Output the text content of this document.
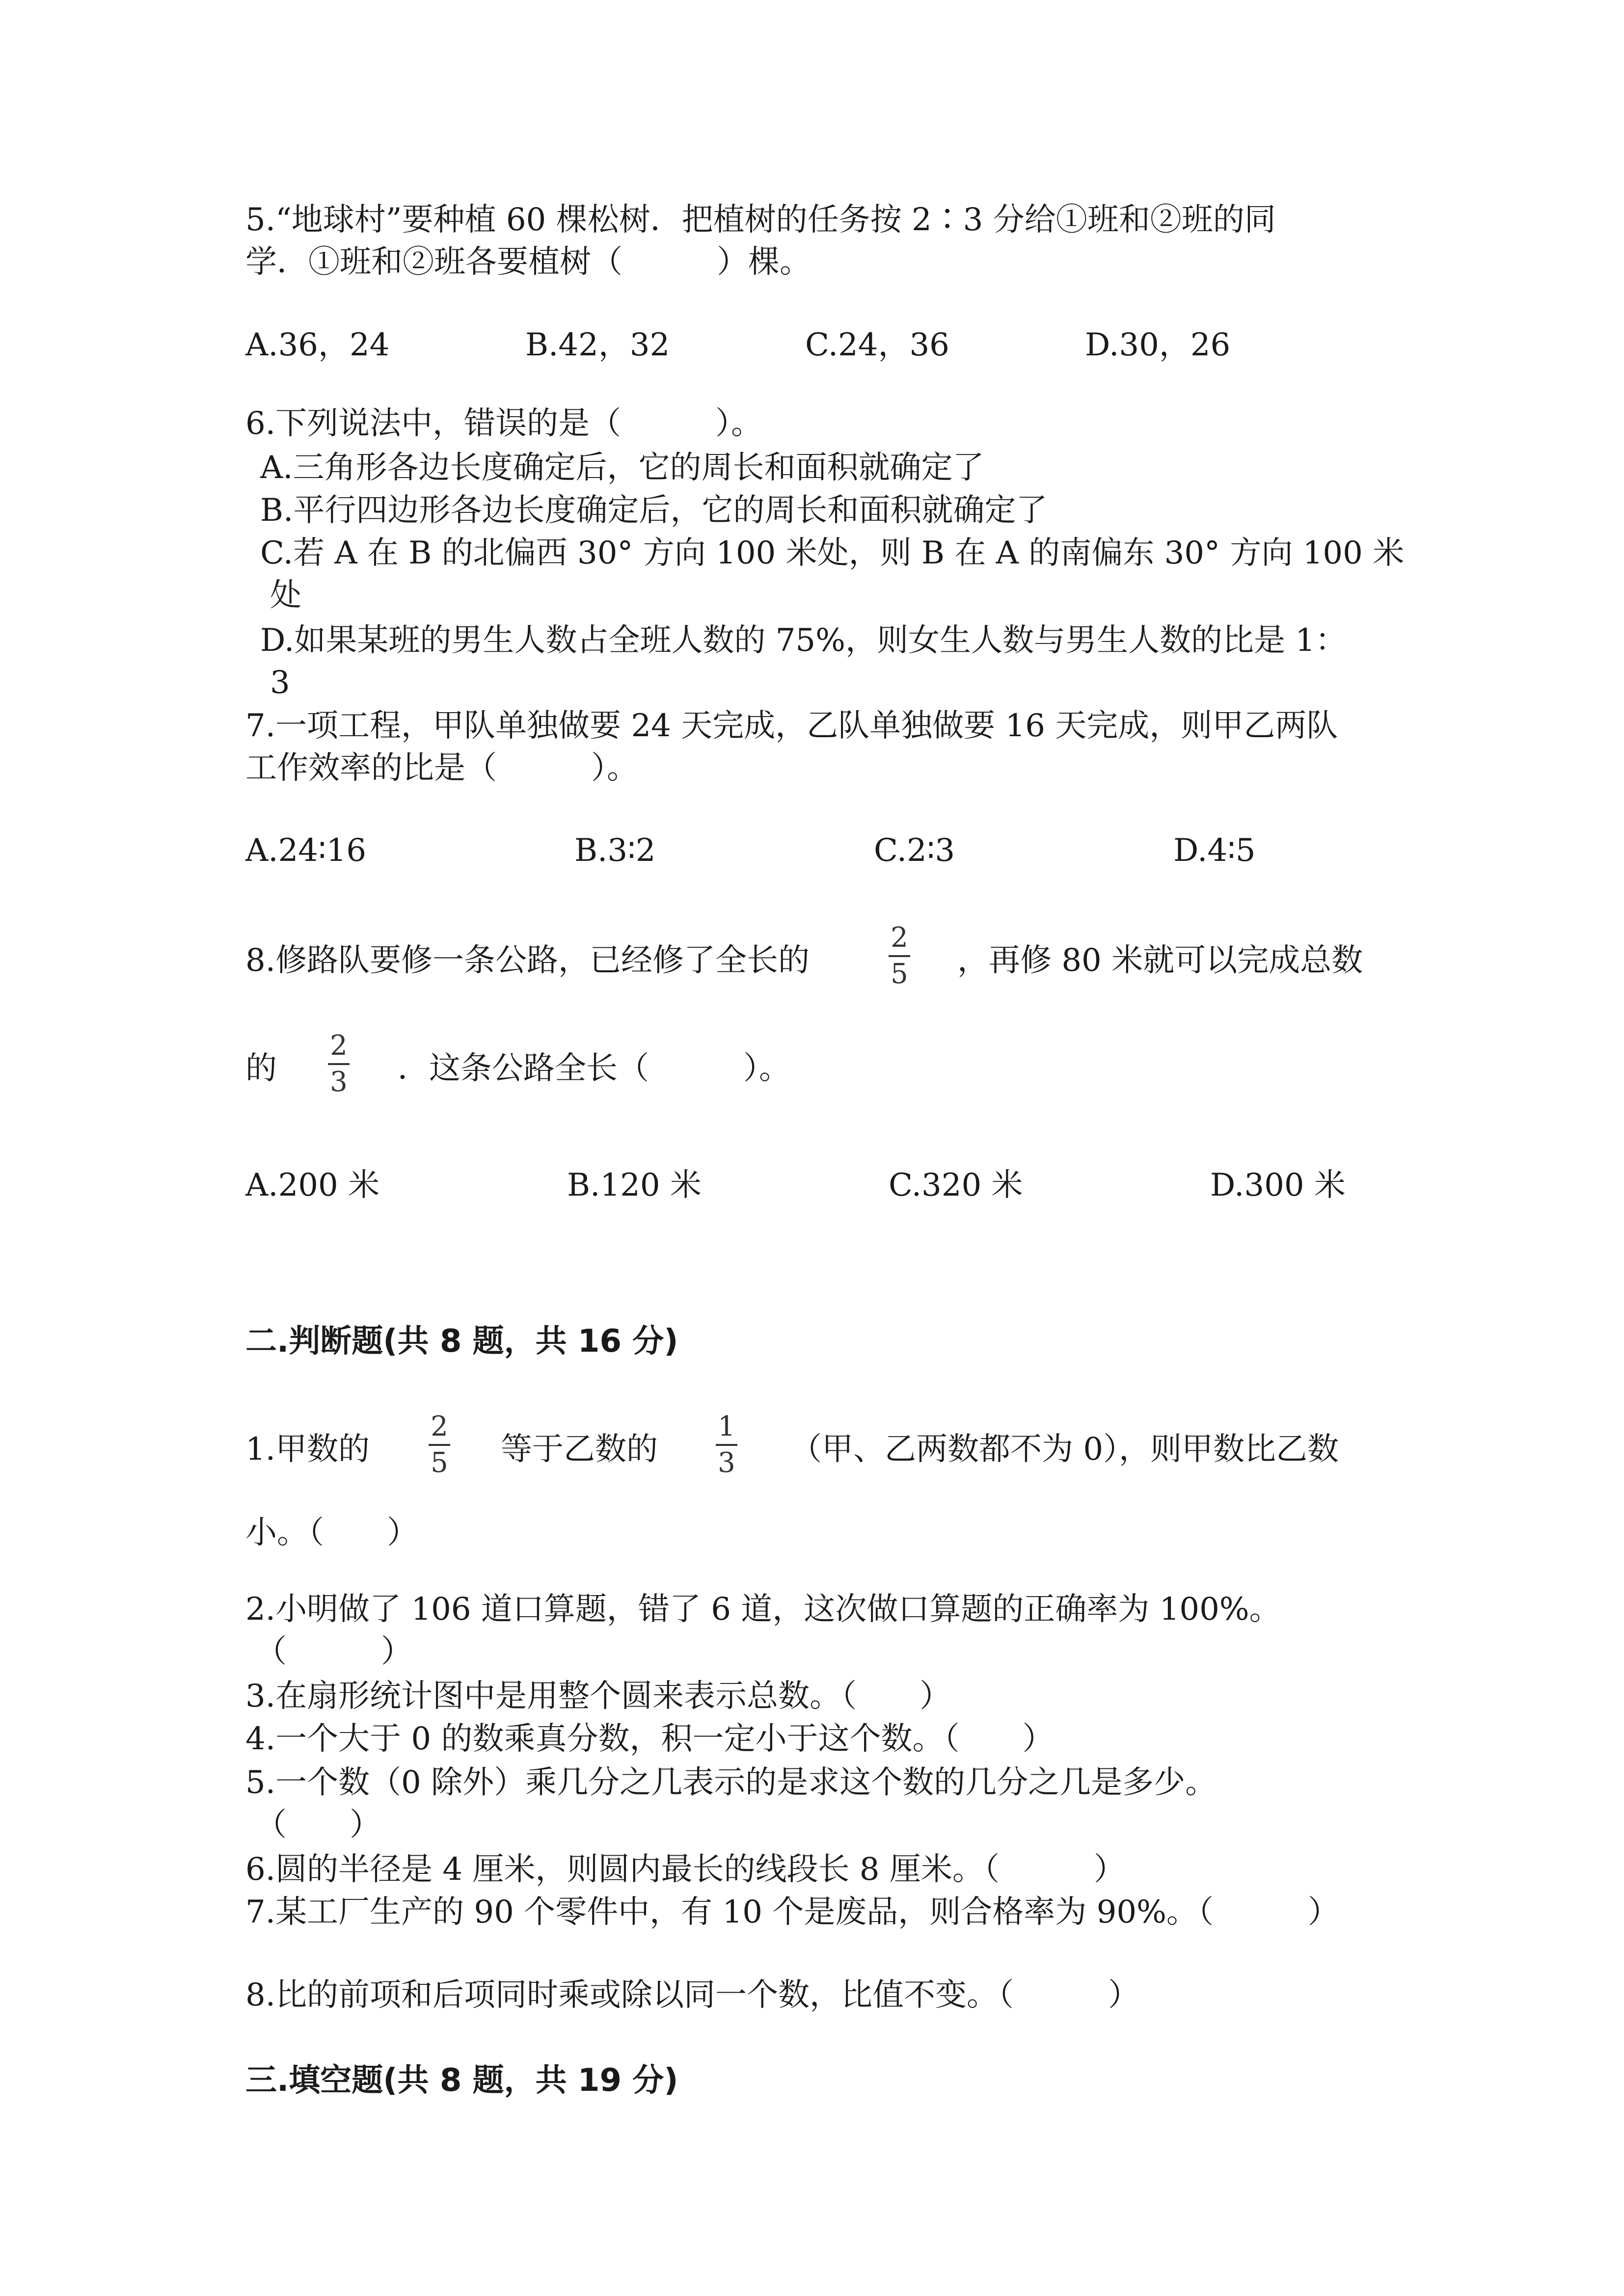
5.“地球村”要种植 60 棵松树．把植树的任务按 2∶3 分给①班和②班的同
学．①班和②班各要植树（　　　）棵。
A.36，24	B.42，32	C.24，36	D.30，26
6.下列说法中，错误的是（　　　）。
A.三角形各边长度确定后，它的周长和面积就确定了
B.平行四边形各边长度确定后，它的周长和面积就确定了
C.若 A 在 B 的北偏西 30° 方向 100 米处，则 B 在 A 的南偏东 30° 方向 100 米
处
D.如果某班的男生人数占全班人数的 75%，则女生人数与男生人数的比是 1：
3
7.一项工程，甲队单独做要 24 天完成，乙队单独做要 16 天完成，则甲乙两队
工作效率的比是（　　　）。
A.24∶16	B.3∶2	C.2∶3	D.4∶5
8.修路队要修一条公路，已经修了全长的
2
5 ，再修 80 米就可以完成总数
的
2
3 ．这条公路全长（　　　）。
A.200 米	B.120 米	C.320 米	D.300 米
二.判断题(共 8 题，共 16 分)
1.甲数的
2
5 等于乙数的
1
3 （甲、乙两数都不为 0），则甲数比乙数
小。（　　）
2.小明做了 106 道口算题，错了 6 道，这次做口算题的正确率为 100%。
（　　　）
3.在扇形统计图中是用整个圆来表示总数。（　　）
4.一个大于 0 的数乘真分数，积一定小于这个数。（　　）
5.一个数（0 除外）乘几分之几表示的是求这个数的几分之几是多少。
（　　）
6.圆的半径是 4 厘米，则圆内最长的线段长 8 厘米。（　　　）
7.某工厂生产的 90 个零件中，有 10 个是废品，则合格率为 90%。（　　　）
8.比的前项和后项同时乘或除以同一个数，比值不变。（　　　）
三.填空题(共 8 题，共 19 分)
